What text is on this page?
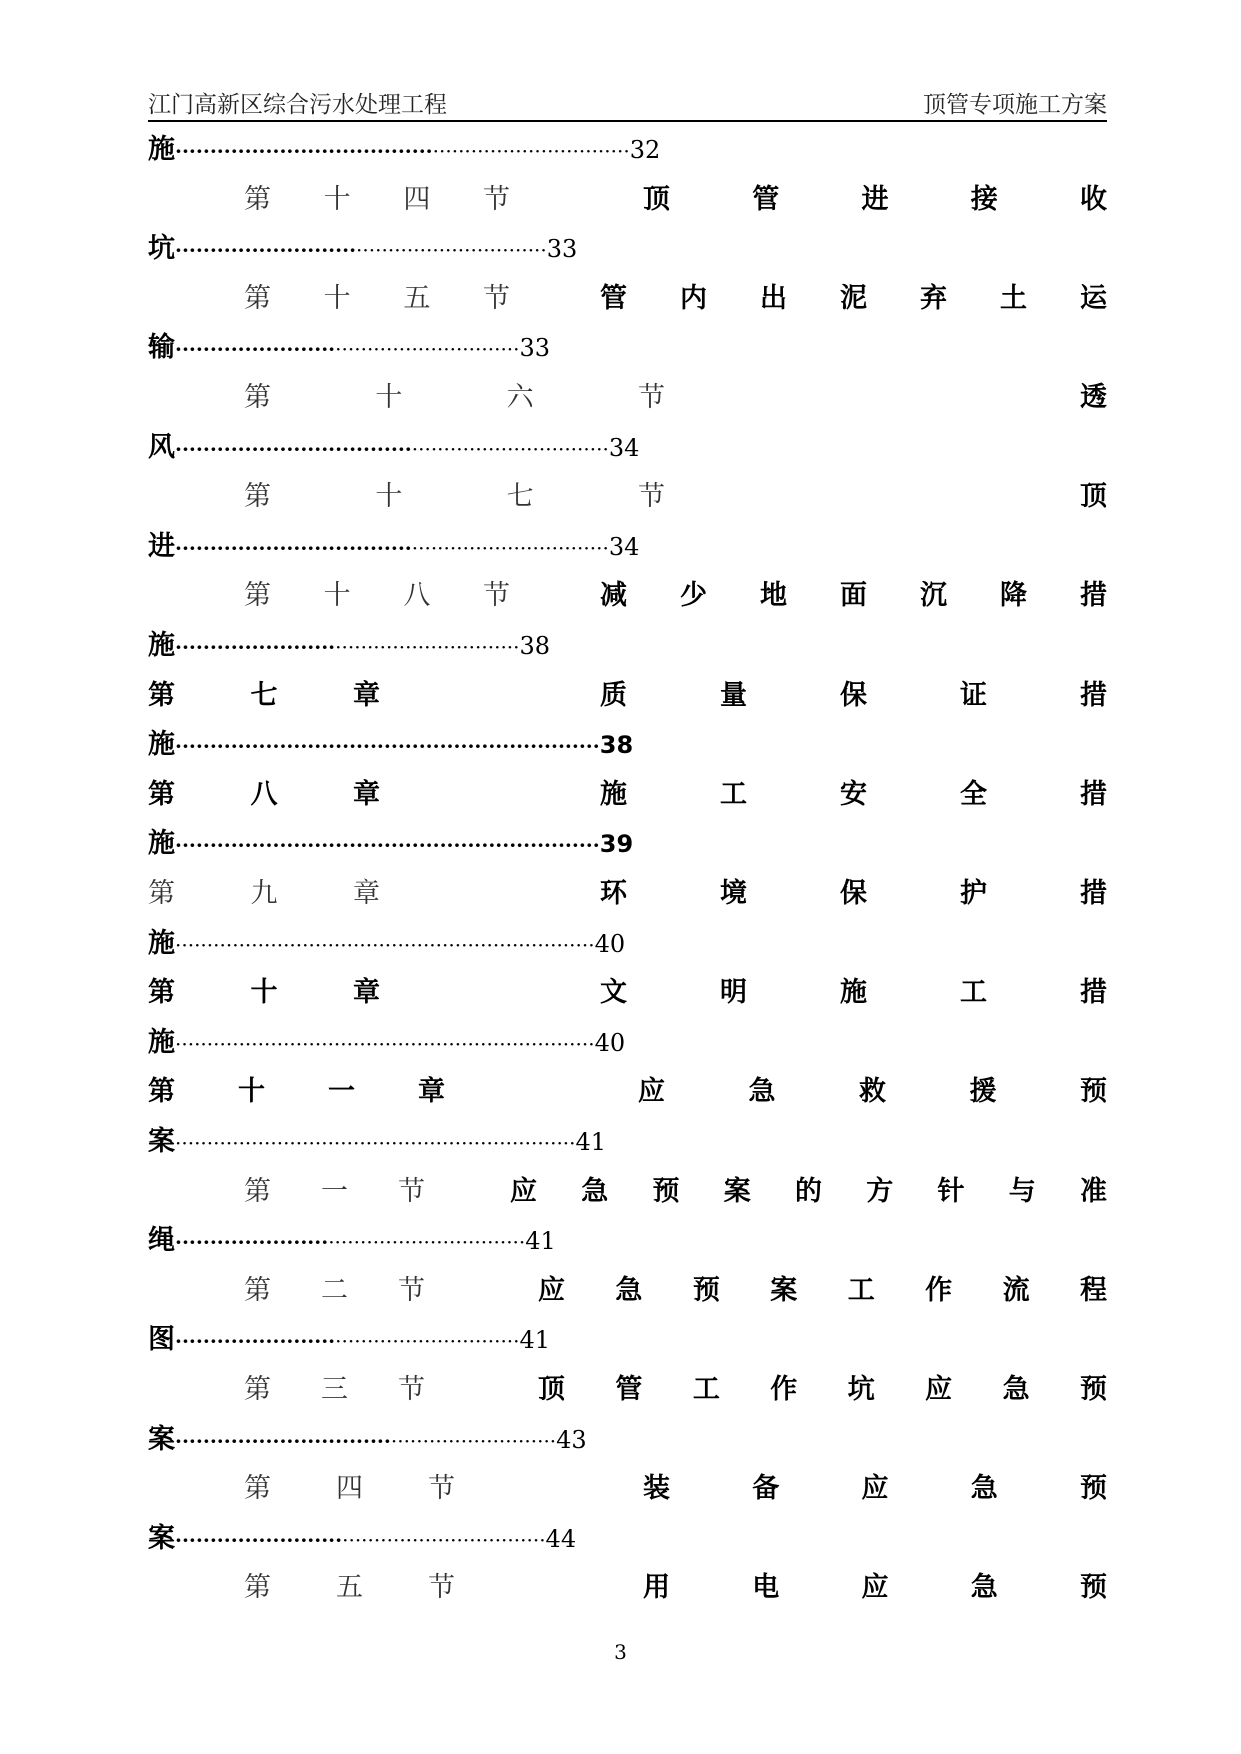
江门高新区综合污水处理工程	顶管专项施工方案
施 ····································· ······························· 32
第 十 四 节	顶	管	进	接	收
坑 ·························· ······························ 33
第 十 五 节	管 内 出 泥 弃 土 运
输 ······················· ····························· 33
第	十	六	节	透
风 ·································· ······························· 34
第	十	七	节	顶
进 ·································· ······························· 34
第 十 八 节	减 少 地 面 沉 降 措
施 ······················· ····························· 38
第	七	章	质	量	保	证	措
施 ····························································· 38
第	八	章	施	工	安	全	措
施 ····························································· 39
第	九	章	环	境	保	护	措
施 ·································································· 40
第	十	章	文	明	施	工	措
施 ·································································· 40
第 十 一 章	应	急	救	援	预
案 ······························································· 41
第 一 节	应 急 预 案 的 方 针 与 准
绳 ······················ ······························· 41
第 二 节	应 急 预 案 工 作 流 程
图 ······················· ····························· 41
第 三 节	顶 管 工 作 坑 应 急 预
案 ······························· ·························· 43
第 四 节	装	备	应	急	预
案 ························ ································ 44
第 五 节	用	电	应	急	预
3
